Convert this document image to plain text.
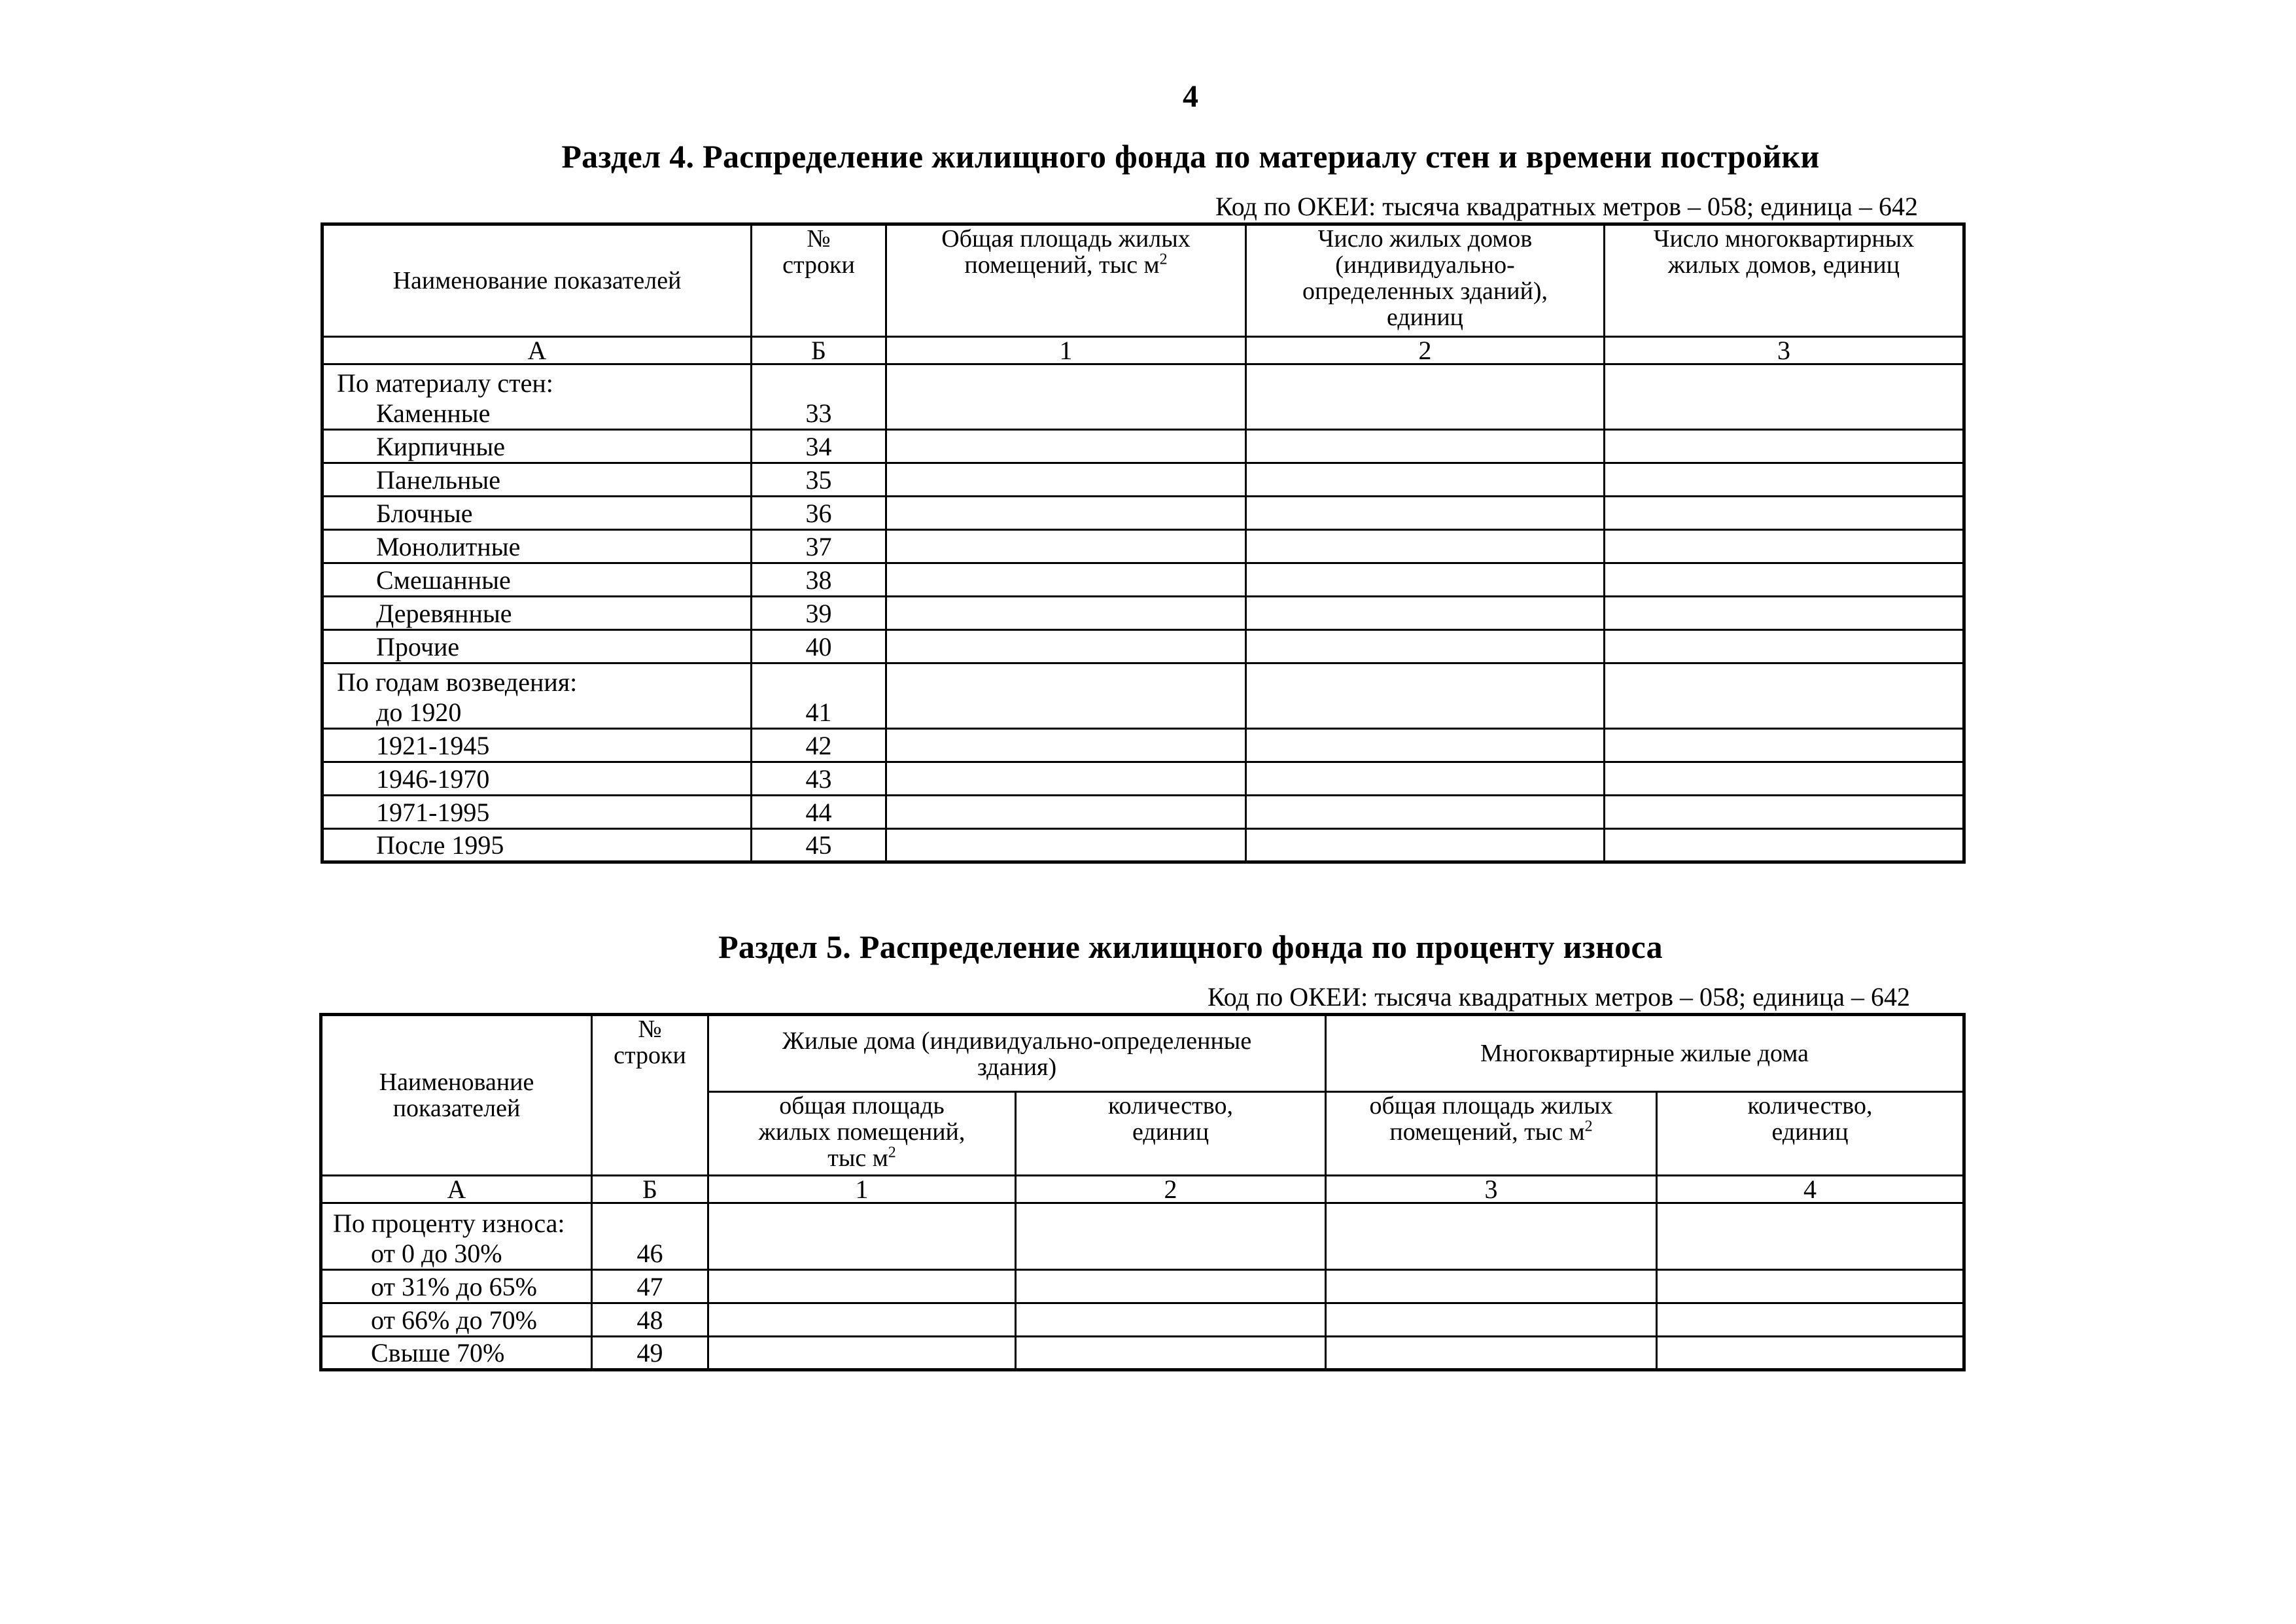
4
Раздел 4. Распределение жилищного фонда по материалу стен и времени постройки
Код по ОКЕИ: тысяча квадратных метров – 058; единица – 642
Наименование показателей	№ строки	Общая площадь жилых помещений, тыс $м^2$	Число жилых домов (индивидуально-определенных зданий), единиц	Число многоквартирных жилых домов, единиц
А	Б	1	2	3

По материалу стен:
Каменные	33			

Кирпичные	34			

Панельные	35			

Блочные	36			

Монолитные	37			

Смешанные	38			

Деревянные	39			

Прочие	40			

По годам возведения:
до 1920	41			

1921-1945	42			

1946-1970	43			

1971-1995	44			

После 1995	45			
Раздел 5. Распределение жилищного фонда по проценту износа
Код по ОКЕИ: тысяча квадратных метров – 058; единица – 642
Наименование показателей	№ строки	Жилые дома (индивидуально-определенные здания)		Многоквартирные жилые дома	
		общая площадь жилых помещений, тыс $м^2$	количество, единиц	общая площадь жилых помещений, тыс $м^2$	количество, единиц
А	Б	1	2	3	4

По проценту износа:
от 0 до 30%	46				

от 31% до 65%	47				

от 66% до 70%	48				

Свыше 70%	49				
